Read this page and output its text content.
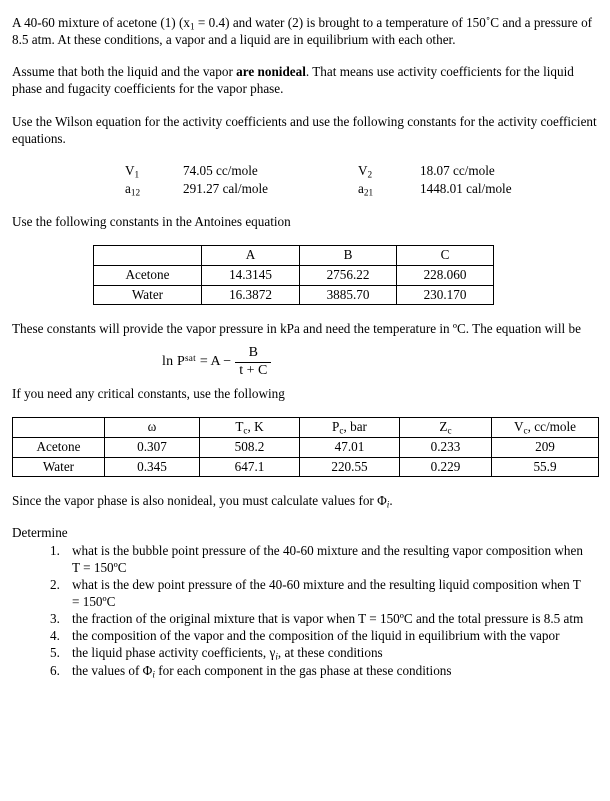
A 40-60 mixture of acetone (1) $(x_1 = 0.4)$ and water (2) is brought to a temperature of 150˚C and a pressure of 8.5 atm. At these conditions, a vapor and a liquid are in equilibrium with each other.

Assume that both the liquid and the vapor are nonideal. That means use activity coefficients for the liquid phase and fugacity coefficients for the vapor phase.

Use the Wilson equation for the activity coefficients and use the following constants for the activity coefficient equations.

$V_1$	74.05 cc/mole	$V_2$	18.07 cc/mole
$a_{12}$	291.27 cal/mole	$a_{21}$	1448.01 cal/mole

Use the following constants in the Antoines equation

	A	B	C
Acetone	14.3145	2756.22	228.060
Water	16.3872	3885.70	230.170

These constants will provide the vapor pressure in kPa and need the temperature in ºC. The equation will be

$\ln P^{sat} = A - \frac{B}{t + C}$

If you need any critical constants, use the following

	ω	$T_c$, K	$P_c$, bar	$Z_c$	$V_c$, cc/mole
Acetone	0.307	508.2	47.01	0.233	209
Water	0.345	647.1	220.55	0.229	55.9

Since the vapor phase is also nonideal, you must calculate values for $\Phi_i$.

Determine

what is the bubble point pressure of the 40-60 mixture and the resulting vapor composition when T = 150ºC
what is the dew point pressure of the 40-60 mixture and the resulting liquid composition when T = 150ºC
the fraction of the original mixture that is vapor when T = 150ºC and the total pressure is 8.5 atm
the composition of the vapor and the composition of the liquid in equilibrium with the vapor
the liquid phase activity coefficients, $\gamma_i$, at these conditions
the values of $\Phi_i$ for each component in the gas phase at these conditions
